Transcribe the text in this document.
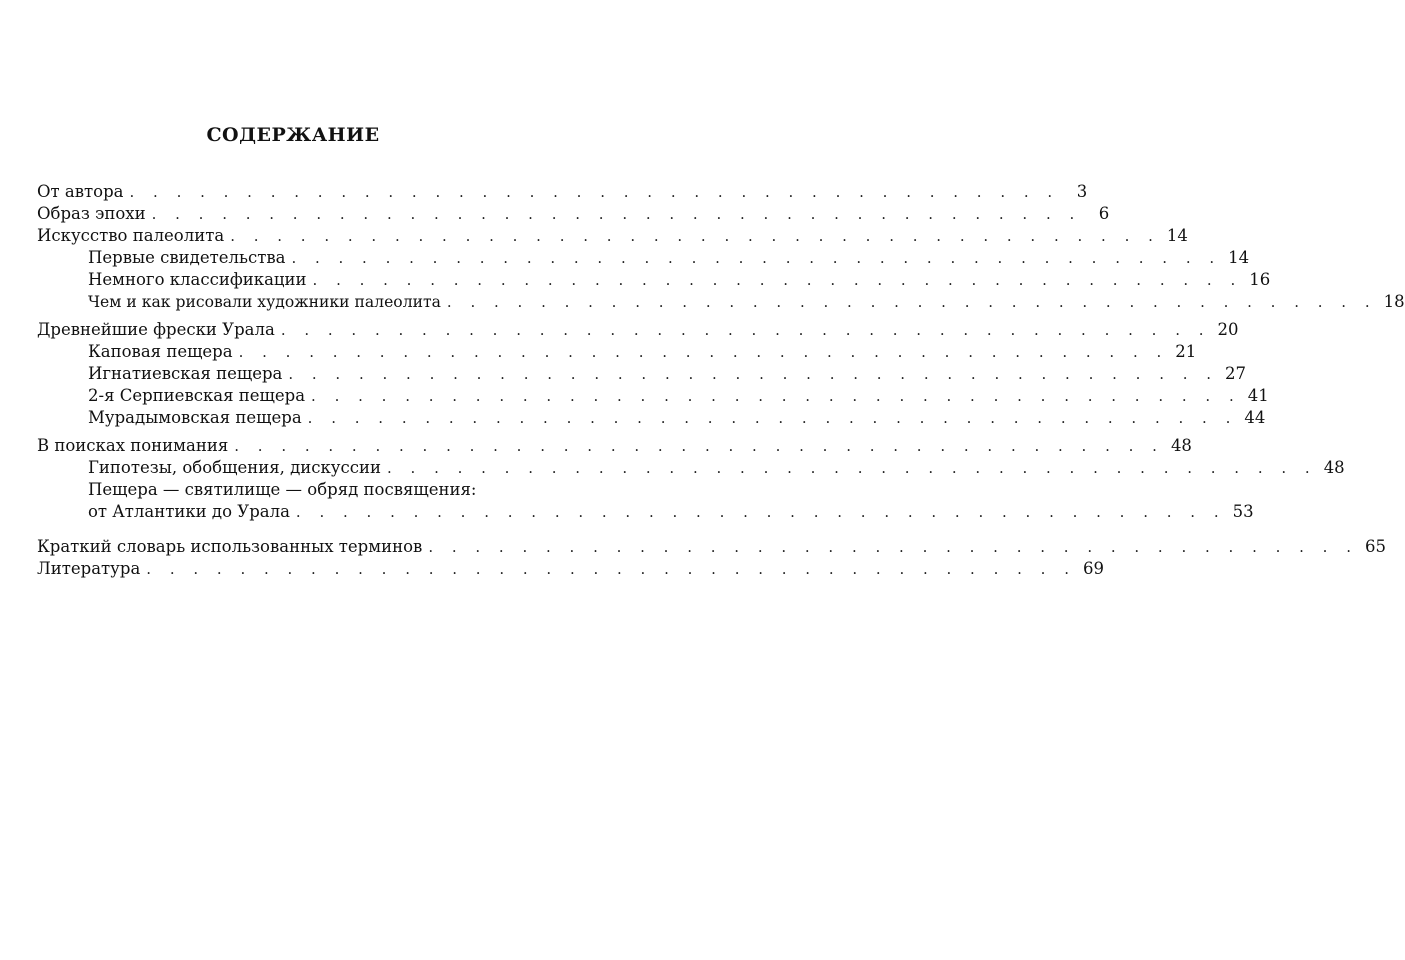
СОДЕРЖАНИЕ
От автора . . . . . . . . . . . . . . . . . . . . . . . . . . . . . . . . . . . . . . . .	3
Образ эпохи . . . . . . . . . . . . . . . . . . . . . . . . . . . . . . . . . . . . . . . .	6
Искусство палеолита . . . . . . . . . . . . . . . . . . . . . . . . . . . . . . . . . . . . . . . . 14
Первые свидетельства . . . . . . . . . . . . . . . . . . . . . . . . . . . . . . . . . . . . . . . . 14
Немного классификации . . . . . . . . . . . . . . . . . . . . . . . . . . . . . . . . . . . . . . . . 16
Чем и как рисовали художники палеолита . . . . . . . . . . . . . . . . . . . . . . . . . . . . . . . . . . . . . . . . 18
Древнейшие фрески Урала . . . . . . . . . . . . . . . . . . . . . . . . . . . . . . . . . . . . . . . . 20
Каповая пещера . . . . . . . . . . . . . . . . . . . . . . . . . . . . . . . . . . . . . . . . 21
Игнатиевская пещера . . . . . . . . . . . . . . . . . . . . . . . . . . . . . . . . . . . . . . . . 27
2-я Серпиевская пещера . . . . . . . . . . . . . . . . . . . . . . . . . . . . . . . . . . . . . . . . 41
Мурадымовская пещера . . . . . . . . . . . . . . . . . . . . . . . . . . . . . . . . . . . . . . . . 44
В поисках понимания . . . . . . . . . . . . . . . . . . . . . . . . . . . . . . . . . . . . . . . . 48
Гипотезы, обобщения, дискуссии . . . . . . . . . . . . . . . . . . . . . . . . . . . . . . . . . . . . . . . . 48
Пещера — святилище — обряд посвящения:
от Атлантики до Урала . . . . . . . . . . . . . . . . . . . . . . . . . . . . . . . . . . . . . . . . 53
Краткий словарь использованных терминов . . . . . . . . . . . . . . . . . . . . . . . . . . . . . . . . . . . . . . . . 65
Литература . . . . . . . . . . . . . . . . . . . . . . . . . . . . . . . . . . . . . . . . 69
